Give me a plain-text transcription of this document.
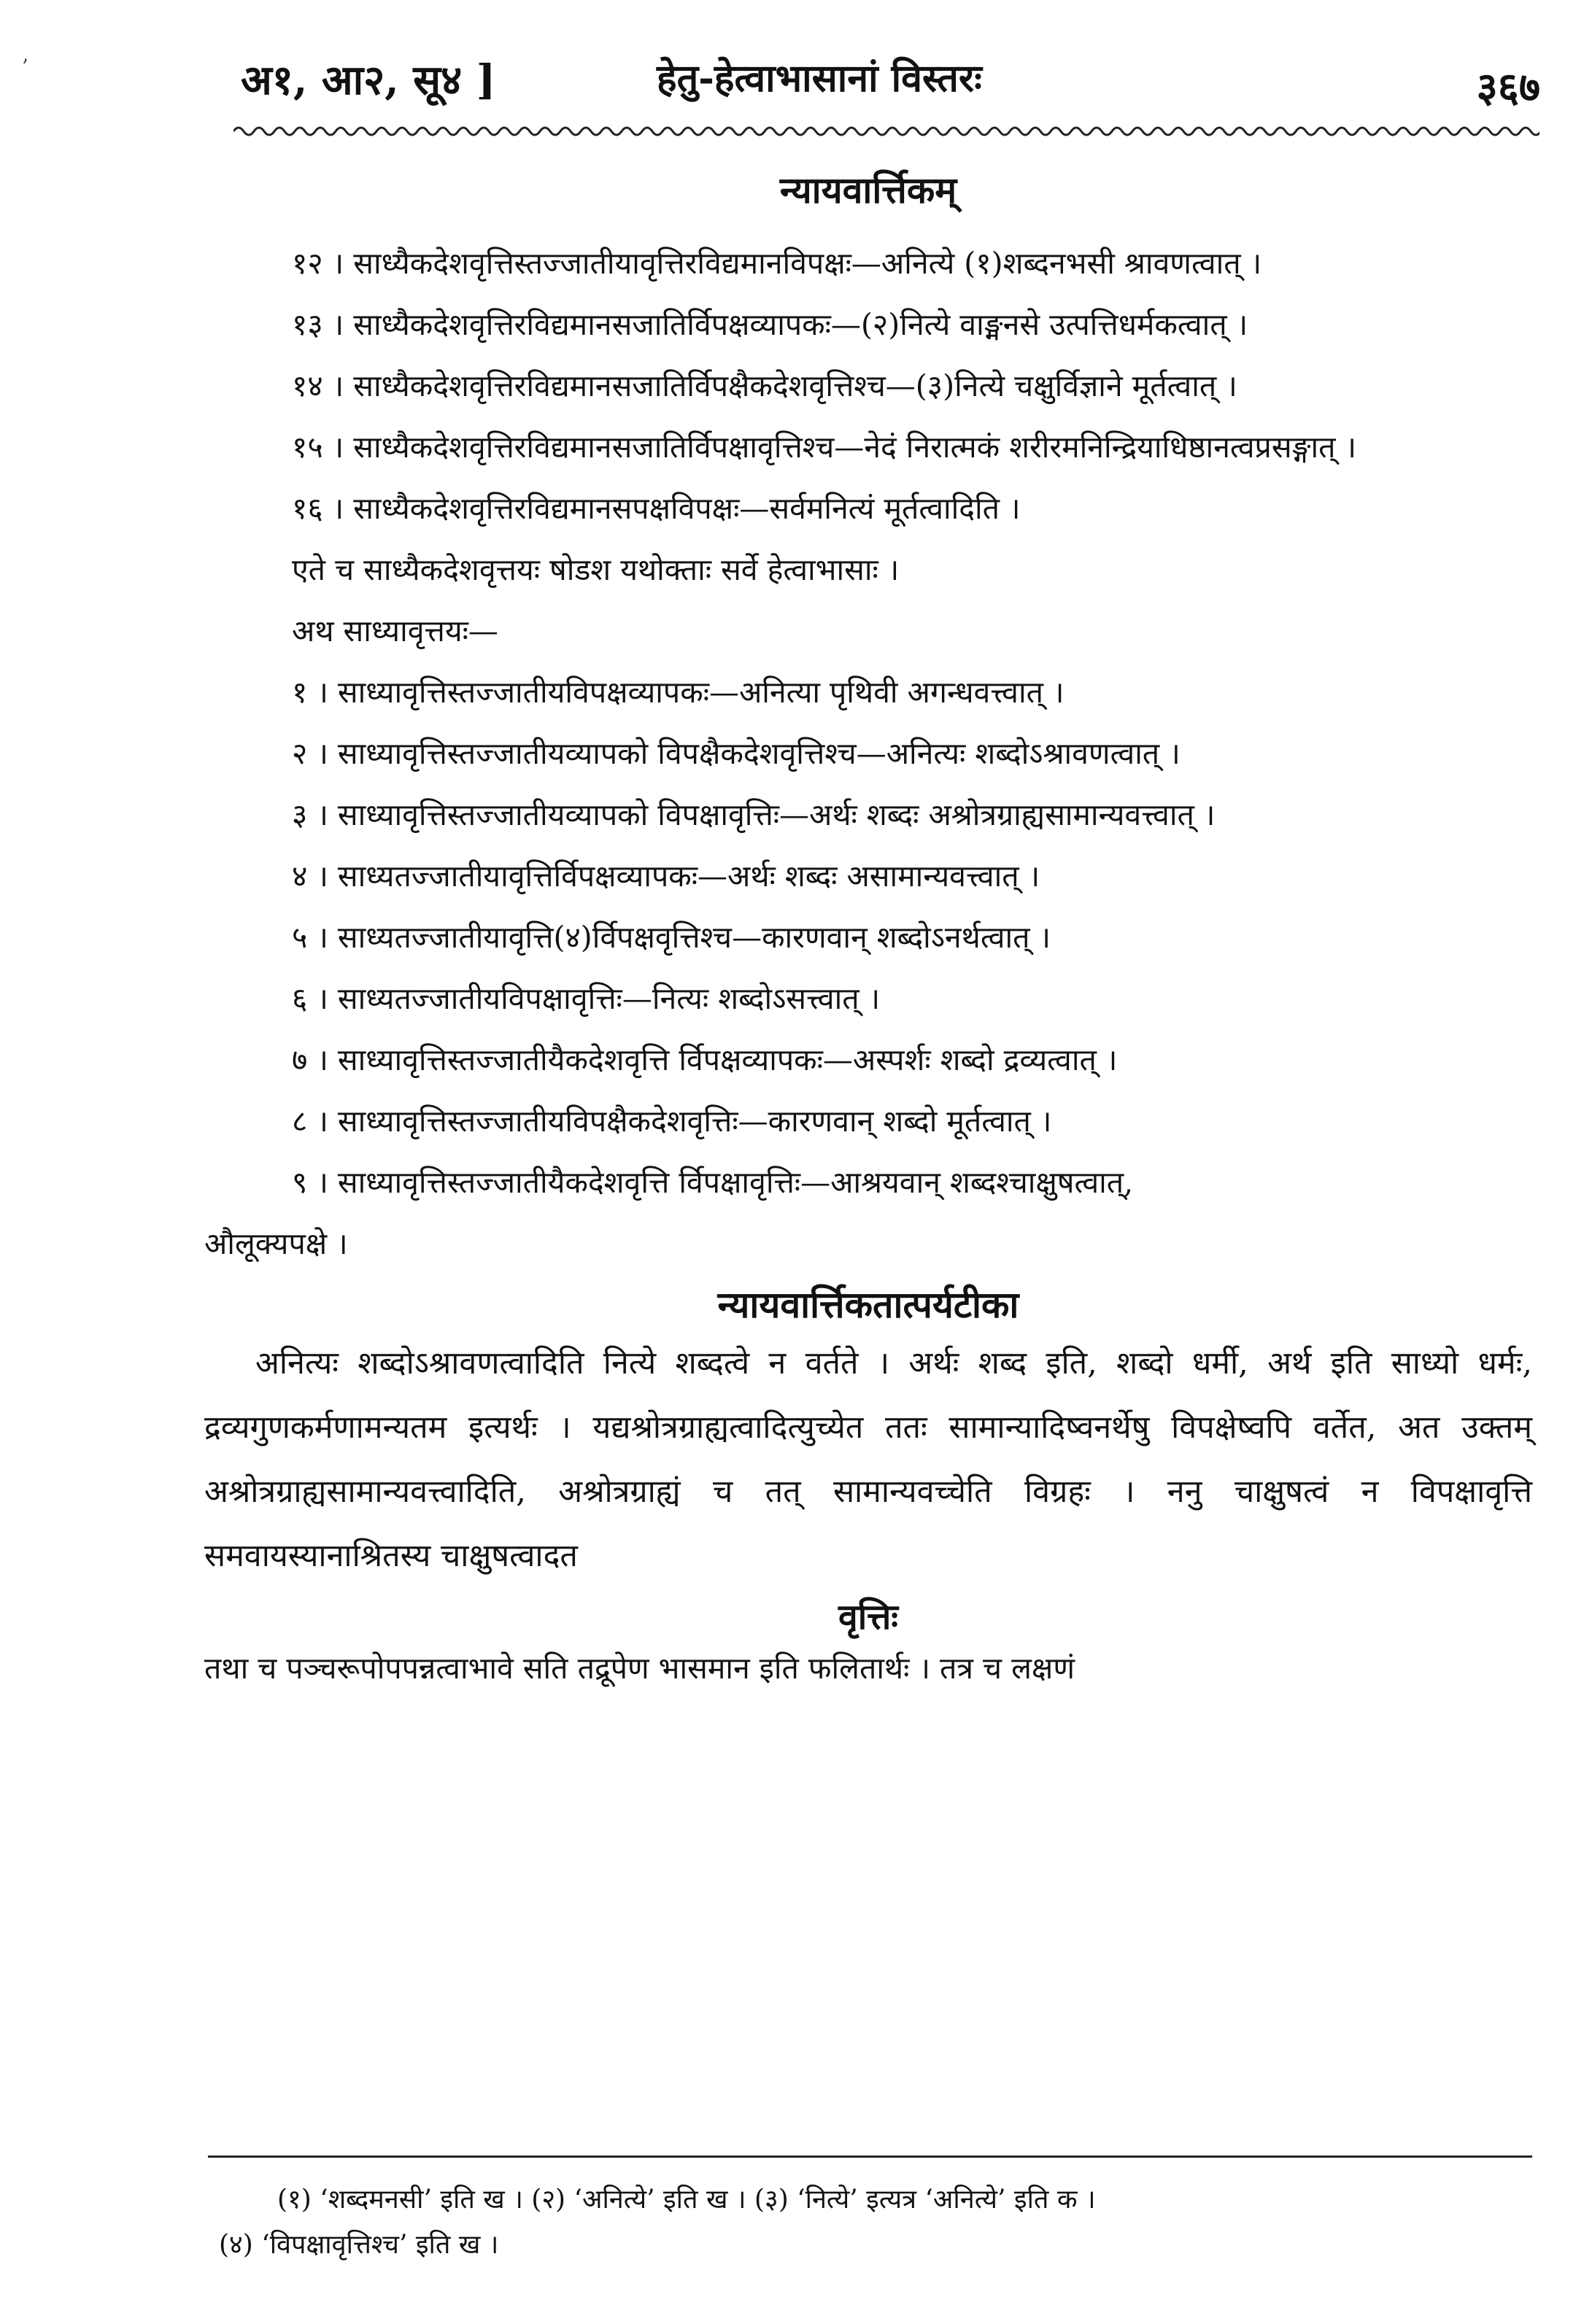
अ१, आ२, सू४ ]	हेतु-हेत्वाभासानां विस्तरः	३६७
न्यायवार्त्तिकम्
१२ । साध्यैकदेशवृत्तिस्तज्जातीयावृत्तिरविद्यमानविपक्षः—अनित्ये (१)शब्दनभसी श्रावणत्वात् ।
१३ । साध्यैकदेशवृत्तिरविद्यमानसजातिर्विपक्षव्यापकः—(२)नित्ये वाङ्मनसे उत्पत्तिधर्मकत्वात् ।
१४ । साध्यैकदेशवृत्तिरविद्यमानसजातिर्विपक्षैकदेशवृत्तिश्च—(३)नित्ये चक्षुर्विज्ञाने मूर्तत्वात् ।
१५ । साध्यैकदेशवृत्तिरविद्यमानसजातिर्विपक्षावृत्तिश्च—नेदं निरात्मकं शरीरमनिन्द्रियाधिष्ठानत्वप्रसङ्गात् ।
१६ । साध्यैकदेशवृत्तिरविद्यमानसपक्षविपक्षः—सर्वमनित्यं मूर्तत्वादिति ।
एते च साध्यैकदेशवृत्तयः षोडश यथोक्ताः सर्वे हेत्वाभासाः ।
अथ साध्यावृत्तयः—
१ । साध्यावृत्तिस्तज्जातीयविपक्षव्यापकः—अनित्या पृथिवी अगन्धवत्त्वात् ।
२ । साध्यावृत्तिस्तज्जातीयव्यापको विपक्षैकदेशवृत्तिश्च—अनित्यः शब्दोऽश्रावणत्वात् ।
३ । साध्यावृत्तिस्तज्जातीयव्यापको विपक्षावृत्तिः—अर्थः शब्दः अश्रोत्रग्राह्यसामान्यवत्त्वात् ।
४ । साध्यतज्जातीयावृत्तिर्विपक्षव्यापकः—अर्थः शब्दः असामान्यवत्त्वात् ।
५ । साध्यतज्जातीयावृत्ति(४)र्विपक्षवृत्तिश्च—कारणवान् शब्दोऽनर्थत्वात् ।
६ । साध्यतज्जातीयविपक्षावृत्तिः—नित्यः शब्दोऽसत्त्वात् ।
७ । साध्यावृत्तिस्तज्जातीयैकदेशवृत्ति र्विपक्षव्यापकः—अस्पर्शः शब्दो द्रव्यत्वात् ।
८ । साध्यावृत्तिस्तज्जातीयविपक्षैकदेशवृत्तिः—कारणवान् शब्दो मूर्तत्वात् ।
९ । साध्यावृत्तिस्तज्जातीयैकदेशवृत्ति र्विपक्षावृत्तिः—आश्रयवान् शब्दश्चाक्षुषत्वात्,
औलूक्यपक्षे ।
न्यायवार्त्तिकतात्पर्यटीका
अनित्यः शब्दोऽश्रावणत्वादिति नित्ये शब्दत्वे न वर्तते । अर्थः शब्द इति, शब्दो धर्मी, अर्थ इति साध्यो धर्मः, द्रव्यगुणकर्मणामन्यतम इत्यर्थः । यद्यश्रोत्रग्राह्यत्वादित्युच्येत ततः सामान्यादिष्वनर्थेषु विपक्षेष्वपि वर्तेत, अत उक्तम् अश्रोत्रग्राह्यसामान्यवत्त्वादिति, अश्रोत्रग्राह्यं च तत् सामान्यवच्चेति विग्रहः । ननु चाक्षुषत्वं न विपक्षावृत्ति समवायस्यानाश्रितस्य चाक्षुषत्वादत
वृत्तिः
तथा च पञ्चरूपोपपन्नत्वाभावे सति तद्रूपेण भासमान इति फलितार्थः । तत्र च लक्षणं
(१) ‘शब्दमनसी’ इति ख । (२) ‘अनित्ये’ इति ख । (३) ‘नित्ये’ इत्यत्र ‘अनित्ये’ इति क ।
(४) ‘विपक्षावृत्तिश्च’ इति ख ।
’
